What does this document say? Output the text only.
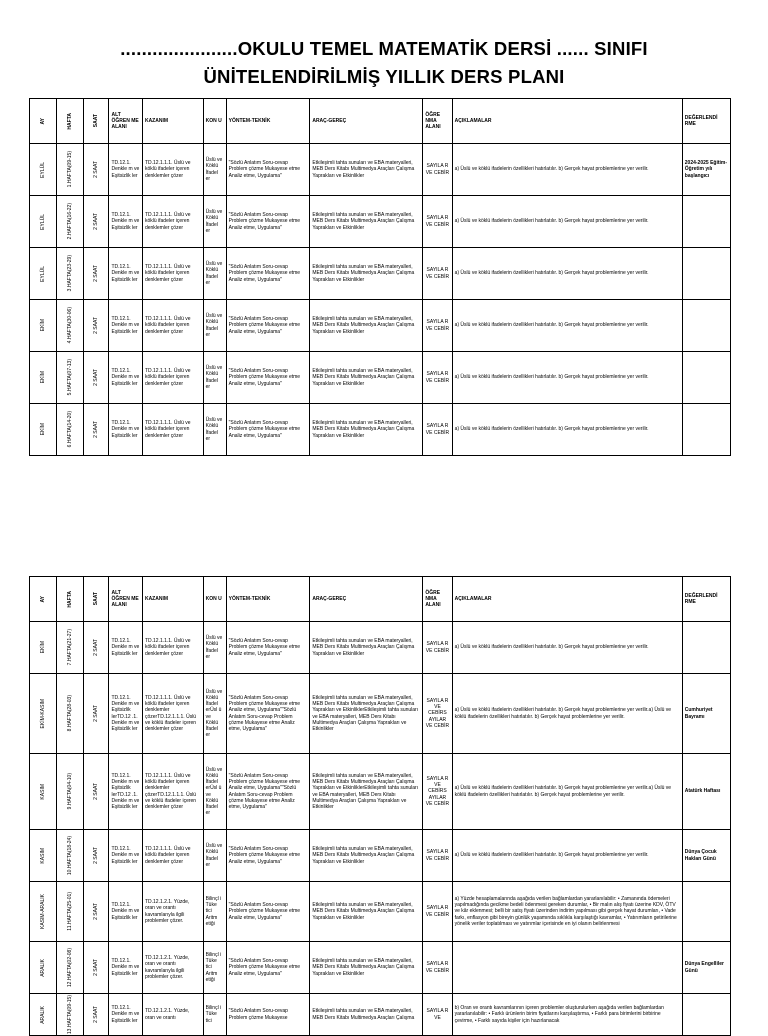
......................OKULU TEMEL MATEMATİK DERSİ ...... SINIFI
ÜNİTELENDİRİLMİŞ YILLIK DERS PLANI
AY	HAFTA	SAAT	ALT ÖĞREN ME ALANI	KAZANIM	KON U	YÖNTEM-TEKNİK	ARAÇ-GEREÇ	ÖĞRE NMA ALANI	AÇIKLAMALAR	DEĞERLENDİ RME

EYLÜL	1.HAFTA(09-15)	2 SAAT	TD.12.1. Denkle m ve Eşitsizlik ler	TD.12.1.1.1. Üslü ve köklü ifadeler içeren denklemler çözer	Üslü ve Köklü İfadel er	"Sözlü Anlatım Soru-cevap Problem çözme Mukayese etme Analiz etme, Uygulama"	Etkileşimli tahta sunuları ve EBA materyalleri, MEB Ders Kitabı Multimedya Araçları Çalışma Yaprakları ve Etkinlikler	SAYILA R VE CEBİR	a) Üslü ve köklü ifadelerin özellikleri hatırlatılır. b) Gerçek hayat problemlerine yer verilir.	2024-2025 Eğitim-Öğretim yılı başlangıcı

EYLÜL	2.HAFTA(16-22)	2 SAAT	TD.12.1. Denkle m ve Eşitsizlik ler	TD.12.1.1.1. Üslü ve köklü ifadeler içeren denklemler çözer	Üslü ve Köklü İfadel er	"Sözlü Anlatım Soru-cevap Problem çözme Mukayese etme Analiz etme, Uygulama"	Etkileşimli tahta sunuları ve EBA materyalleri, MEB Ders Kitabı Multimedya Araçları Çalışma Yaprakları ve Etkinlikler	SAYILA R VE CEBİR	a) Üslü ve köklü ifadelerin özellikleri hatırlatılır. b) Gerçek hayat problemlerine yer verilir.	

EYLÜL	3.HAFTA(23-29)	2 SAAT	TD.12.1. Denkle m ve Eşitsizlik ler	TD.12.1.1.1. Üslü ve köklü ifadeler içeren denklemler çözer	Üslü ve Köklü İfadel er	"Sözlü Anlatım Soru-cevap Problem çözme Mukayese etme Analiz etme, Uygulama"	Etkileşimli tahta sunuları ve EBA materyalleri, MEB Ders Kitabı Multimedya Araçları Çalışma Yaprakları ve Etkinlikler	SAYILA R VE CEBİR	a) Üslü ve köklü ifadelerin özellikleri hatırlatılır. b) Gerçek hayat problemlerine yer verilir.	

EKİM	4.HAFTA(30-06)	2 SAAT	TD.12.1. Denkle m ve Eşitsizlik ler	TD.12.1.1.1. Üslü ve köklü ifadeler içeren denklemler çözer	Üslü ve Köklü İfadel er	"Sözlü Anlatım Soru-cevap Problem çözme Mukayese etme Analiz etme, Uygulama"	Etkileşimli tahta sunuları ve EBA materyalleri, MEB Ders Kitabı Multimedya Araçları Çalışma Yaprakları ve Etkinlikler	SAYILA R VE CEBİR	a) Üslü ve köklü ifadelerin özellikleri hatırlatılır. b) Gerçek hayat problemlerine yer verilir.	

EKİM	5.HAFTA(07-13)	2 SAAT	TD.12.1. Denkle m ve Eşitsizlik ler	TD.12.1.1.1. Üslü ve köklü ifadeler içeren denklemler çözer	Üslü ve Köklü İfadel er	"Sözlü Anlatım Soru-cevap Problem çözme Mukayese etme Analiz etme, Uygulama"	Etkileşimli tahta sunuları ve EBA materyalleri, MEB Ders Kitabı Multimedya Araçları Çalışma Yaprakları ve Etkinlikler	SAYILA R VE CEBİR	a) Üslü ve köklü ifadelerin özellikleri hatırlatılır. b) Gerçek hayat problemlerine yer verilir.	

EKİM	6.HAFTA(14-20)	2 SAAT	TD.12.1. Denkle m ve Eşitsizlik ler	TD.12.1.1.1. Üslü ve köklü ifadeler içeren denklemler çözer	Üslü ve Köklü İfadel er	"Sözlü Anlatım Soru-cevap Problem çözme Mukayese etme Analiz etme, Uygulama"	Etkileşimli tahta sunuları ve EBA materyalleri, MEB Ders Kitabı Multimedya Araçları Çalışma Yaprakları ve Etkinlikler	SAYILA R VE CEBİR	a) Üslü ve köklü ifadelerin özellikleri hatırlatılır. b) Gerçek hayat problemlerine yer verilir.	

AY	HAFTA	SAAT	ALT ÖĞREN ME ALANI	KAZANIM	KON U	YÖNTEM-TEKNİK	ARAÇ-GEREÇ	ÖĞRE NMA ALANI	AÇIKLAMALAR	DEĞERLENDİ RME

EKİM	7.HAFTA(21-27)	2 SAAT	TD.12.1. Denkle m ve Eşitsizlik ler	TD.12.1.1.1. Üslü ve köklü ifadeler içeren denklemler çözer	Üslü ve Köklü İfadel er	"Sözlü Anlatım Soru-cevap Problem çözme Mukayese etme Analiz etme, Uygulama"	Etkileşimli tahta sunuları ve EBA materyalleri, MEB Ders Kitabı Multimedya Araçları Çalışma Yaprakları ve Etkinlikler	SAYILA R VE CEBİR	a) Üslü ve köklü ifadelerin özellikleri hatırlatılır. b) Gerçek hayat problemlerine yer verilir.	

EKİM-KASIM	8.HAFTA(28-03)	2 SAAT	TD.12.1. Denkle m ve Eşitsizlik lerTD.12 .1. Denkle m ve Eşitsizlik ler	TD.12.1.1.1. Üslü ve köklü ifadeler içeren denklemler çözerTD.12.1.1.1. Üslü ve köklü ifadeler içeren denklemler çözer	Üslü ve Köklü İfadel erÜsl ü ve Köklü İfadel er	"Sözlü Anlatım Soru-cevap Problem çözme Mukayese etme Analiz etme, Uygulama""Sözlü Anlatım Soru-cevap Problem çözme Mukayese etme Analiz etme, Uygulama"	Etkileşimli tahta sunuları ve EBA materyalleri, MEB Ders Kitabı Multimedya Araçları Çalışma Yaprakları ve EtkinliklerEtkileşimli tahta sunuları ve EBA materyalleri, MEB Ders Kitabı Multimedya Araçları Çalışma Yaprakları ve Etkinlikler	SAYILA R VE CEBİRS AYILAR VE CEBİR	a) Üslü ve köklü ifadelerin özellikleri hatırlatılır. b) Gerçek hayat problemlerine yer verilir.a) Üslü ve köklü ifadelerin özellikleri hatırlatılır. b) Gerçek hayat problemlerine yer verilir.	Cumhuriyet Bayramı

KASIM	9.HAFTA(04-10)	2 SAAT	TD.12.1. Denkle m ve Eşitsizlik lerTD.12 .1. Denkle m ve Eşitsizlik ler	TD.12.1.1.1. Üslü ve köklü ifadeler içeren denklemler çözerTD.12.1.1.1. Üslü ve köklü ifadeler içeren denklemler çözer	Üslü ve Köklü İfadel erÜsl ü ve Köklü İfadel er	"Sözlü Anlatım Soru-cevap Problem çözme Mukayese etme Analiz etme, Uygulama""Sözlü Anlatım Soru-cevap Problem çözme Mukayese etme Analiz etme, Uygulama"	Etkileşimli tahta sunuları ve EBA materyalleri, MEB Ders Kitabı Multimedya Araçları Çalışma Yaprakları ve EtkinliklerEtkileşimli tahta sunuları ve EBA materyalleri, MEB Ders Kitabı Multimedya Araçları Çalışma Yaprakları ve Etkinlikler	SAYILA R VE CEBİRS AYILAR VE CEBİR	a) Üslü ve köklü ifadelerin özellikleri hatırlatılır. b) Gerçek hayat problemlerine yer verilir.a) Üslü ve köklü ifadelerin özellikleri hatırlatılır. b) Gerçek hayat problemlerine yer verilir.	Atatürk Haftası

KASIM	10.HAFTA(18-24)	2 SAAT	TD.12.1. Denkle m ve Eşitsizlik ler	TD.12.1.1.1. Üslü ve köklü ifadeler içeren denklemler çözer	Üslü ve Köklü İfadel er	"Sözlü Anlatım Soru-cevap Problem çözme Mukayese etme Analiz etme, Uygulama"	Etkileşimli tahta sunuları ve EBA materyalleri, MEB Ders Kitabı Multimedya Araçları Çalışma Yaprakları ve Etkinlikler	SAYILA R VE CEBİR	a) Üslü ve köklü ifadelerin özellikleri hatırlatılır. b) Gerçek hayat problemlerine yer verilir.	Dünya Çocuk Hakları Günü

KASIM-ARALIK	11.HAFTA(25-01)	2 SAAT	TD.12.1. Denkle m ve Eşitsizlik ler	TD.12.1.2.1. Yüzde, oran ve orantı kavramlarıyla ilgili problemler çözer.	Bilinçl i Tüke tici Aritm etiği	"Sözlü Anlatım Soru-cevap Problem çözme Mukayese etme Analiz etme, Uygulama"	Etkileşimli tahta sunuları ve EBA materyalleri, MEB Ders Kitabı Multimedya Araçları Çalışma Yaprakları ve Etkinlikler	SAYILA R VE CEBİR	a) Yüzde hesaplamalarında aşağıda verilen bağlamlardan yararlanılabilir: • Zamanında ödemeleri yapılmadığında gecikme bedeli ödenmesi gereken durumlar, • Bir malın alış fiyatı üzerine KDV, ÖTV ve kâr eklenmesi; belli bir satış fiyatı üzerinden indirim yapılması gibi gerçek hayat durumları, • Vade farkı, enflasyon gibi bireyin günlük yaşamında sıklıkla karşılaştığı kavramlar, • Yatırımların getirilerine yönelik veriler toplatılması ve yatırımlar içerisinde en iyi olanın belirlenmesi	

ARALIK	12.HAFTA(02-08)	2 SAAT	TD.12.1. Denkle m ve Eşitsizlik ler	TD.12.1.2.1. Yüzde, oran ve orantı kavramlarıyla ilgili problemler çözer.	Bilinçl i Tüke tici Aritm etiği	"Sözlü Anlatım Soru-cevap Problem çözme Mukayese etme Analiz etme, Uygulama"	Etkileşimli tahta sunuları ve EBA materyalleri, MEB Ders Kitabı Multimedya Araçları Çalışma Yaprakları ve Etkinlikler	SAYILA R VE CEBİR		Dünya Engelliler Günü

ARALIK	13.HAFTA(09-15)	2 SAAT	TD.12.1. Denkle m ve Eşitsizlik ler	TD.12.1.2.1. Yüzde, oran ve orantı	Bilinçl i Tüke tici	"Sözlü Anlatım Soru-cevap Problem çözme Mukayese	Etkileşimli tahta sunuları ve EBA materyalleri, MEB Ders Kitabı Multimedya Araçları Çalışma	SAYILA R VE	b) Oran ve orantı kavramlarının içeren problemler oluşturulurken aşağıda verilen bağlamlardan yararlanılabilir: • Farklı ürünlerin birim fiyatlarını karşılaştırma, • Farklı para birimlerini birbirine çevirme, • Farklı sayıda kişiler için hazırlanacak	
